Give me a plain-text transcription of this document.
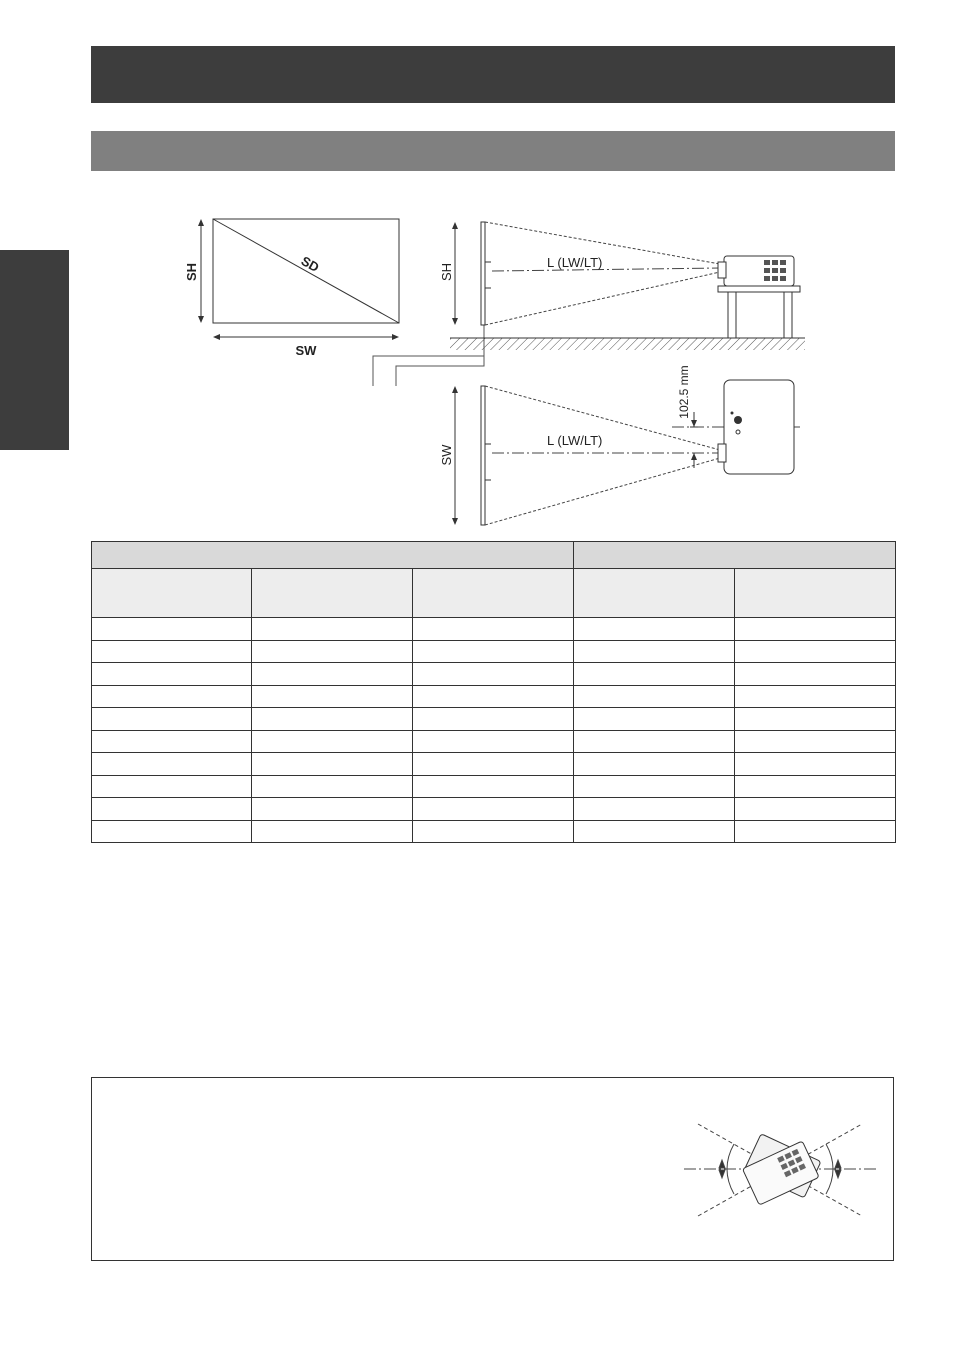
SH
SW
SD	SH
L (LW/LT)
SW
L (LW/LT)
102.5 mm
